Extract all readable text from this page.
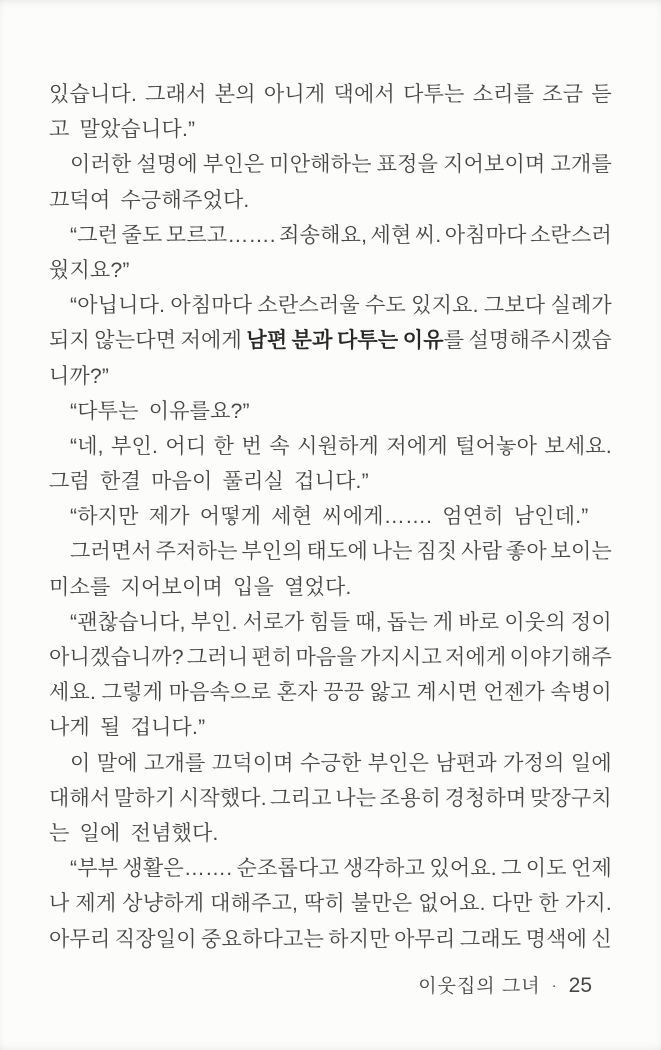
있습니다. 그래서 본의 아니게 댁에서 다투는 소리를 조금 듣
고 말았습니다.”
이러한 설명에 부인은 미안해하는 표정을 지어보이며 고개를
끄덕여 수긍해주었다.
“그런 줄도 모르고……. 죄송해요, 세현 씨. 아침마다 소란스러
웠지요?”
“아닙니다. 아침마다 소란스러울 수도 있지요. 그보다 실례가
되지 않는다면 저에게 남편 분과 다투는 이유를 설명해주시겠습
니까?”
“다투는 이유를요?”
“네, 부인. 어디 한 번 속 시원하게 저에게 털어놓아 보세요.
그럼 한결 마음이 풀리실 겁니다.”
“하지만 제가 어떻게 세현 씨에게……. 엄연히 남인데.”
그러면서 주저하는 부인의 태도에 나는 짐짓 사람 좋아 보이는
미소를 지어보이며 입을 열었다.
“괜찮습니다, 부인. 서로가 힘들 때, 돕는 게 바로 이웃의 정이
아니겠습니까? 그러니 편히 마음을 가지시고 저에게 이야기해주
세요. 그렇게 마음속으로 혼자 끙끙 앓고 계시면 언젠가 속병이
나게 될 겁니다.”
이 말에 고개를 끄덕이며 수긍한 부인은 남편과 가정의 일에
대해서 말하기 시작했다. 그리고 나는 조용히 경청하며 맞장구치
는 일에 전념했다.
“부부 생활은……. 순조롭다고 생각하고 있어요. 그 이도 언제
나 제게 상냥하게 대해주고, 딱히 불만은 없어요. 다만 한 가지.
아무리 직장일이 중요하다고는 하지만 아무리 그래도 명색에 신
이웃집의 그녀 · 25
